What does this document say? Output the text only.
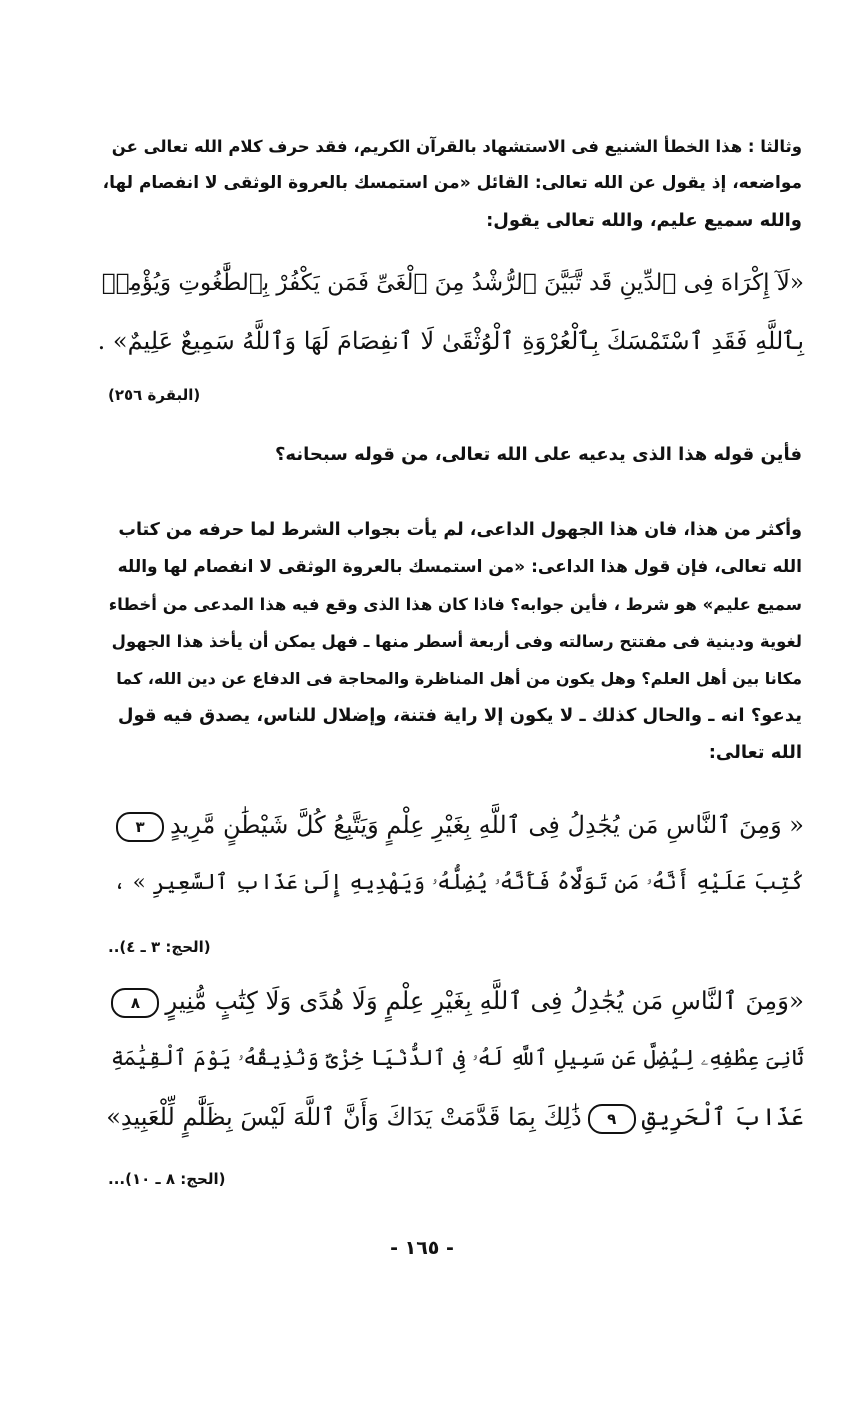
وثالثا : هذا الخطأ الشنيع فى الاستشهاد بالقرآن الكريم، فقد حرف كلام الله تعالى عن
مواضعه، إذ يقول عن الله تعالى: القائل «من استمسك بالعروة الوثقى لا انفصام لها،
والله سميع عليم، والله تعالى يقول:

«لَآ إِكْرَاهَ فِى ٱلدِّينِ قَد تَّبَيَّنَ ٱلرُّشْدُ مِنَ ٱلْغَىِّ فَمَن يَكْفُرْ بِٱلطَّٰغُوتِ وَيُؤْمِنۢ
بِٱللَّهِ فَقَدِ ٱسْتَمْسَكَ بِٱلْعُرْوَةِ ٱلْوُثْقَىٰ لَا ٱنفِصَامَ لَهَا وَٱللَّهُ سَمِيعٌ عَلِيمٌ» .
(البقرة ٢٥٦)

فأين قوله هذا الذى يدعيه على الله تعالى، من قوله سبحانه؟

وأكثر من هذا، فان هذا الجهول الداعى، لم يأت بجواب الشرط لما حرفه من كتاب
الله تعالى، فإن قول هذا الداعى: «من استمسك بالعروة الوثقى لا انفصام لها والله
سميع عليم» هو شرط ، فأين جوابه؟ فاذا كان هذا الذى وقع فيه هذا المدعى من أخطاء
لغوية ودينية فى مفتتح رسالته وفى أربعة أسطر منها ـ فهل يمكن أن يأخذ هذا الجهول
مكانا بين أهل العلم؟ وهل يكون من أهل المناظرة والمحاجة فى الدفاع عن دين الله، كما
يدعو؟ انه ـ والحال كذلك ـ لا يكون إلا راية فتنة، وإضلال للناس، يصدق فيه قول
الله تعالى:

« وَمِنَ ٱلنَّاسِ مَن يُجَٰدِلُ فِى ٱللَّهِ بِغَيْرِ عِلْمٍ وَيَتَّبِعُ كُلَّ شَيْطَٰنٍ مَّرِيدٍ٣
كُتِبَ عَلَيْهِ أَنَّهُۥ مَن تَوَلَّاهُ فَأَنَّهُۥ يُضِلُّهُۥ وَيَهْدِيهِ إِلَىٰ عَذَابِ ٱلسَّعِيرِ » ،
(الحج: ٣ ـ ٤)..
«وَمِنَ ٱلنَّاسِ مَن يُجَٰدِلُ فِى ٱللَّهِ بِغَيْرِ عِلْمٍ وَلَا هُدًى وَلَا كِتَٰبٍ مُّنِيرٍ٨
ثَانِىَ عِطْفِهِۦ لِيُضِلَّ عَن سَبِيلِ ٱللَّهِ لَهُۥ فِى ٱلدُّنْيَا خِزْىٌ وَنُذِيقُهُۥ يَوْمَ ٱلْقِيَٰمَةِ
عَذَابَ ٱلْحَرِيقِ٩ذَٰلِكَ بِمَا قَدَّمَتْ يَدَاكَ وَأَنَّ ٱللَّهَ لَيْسَ بِظَلَّٰمٍ لِّلْعَبِيدِ»
(الحج: ٨ ـ ١٠)...
- ١٦٥ -
